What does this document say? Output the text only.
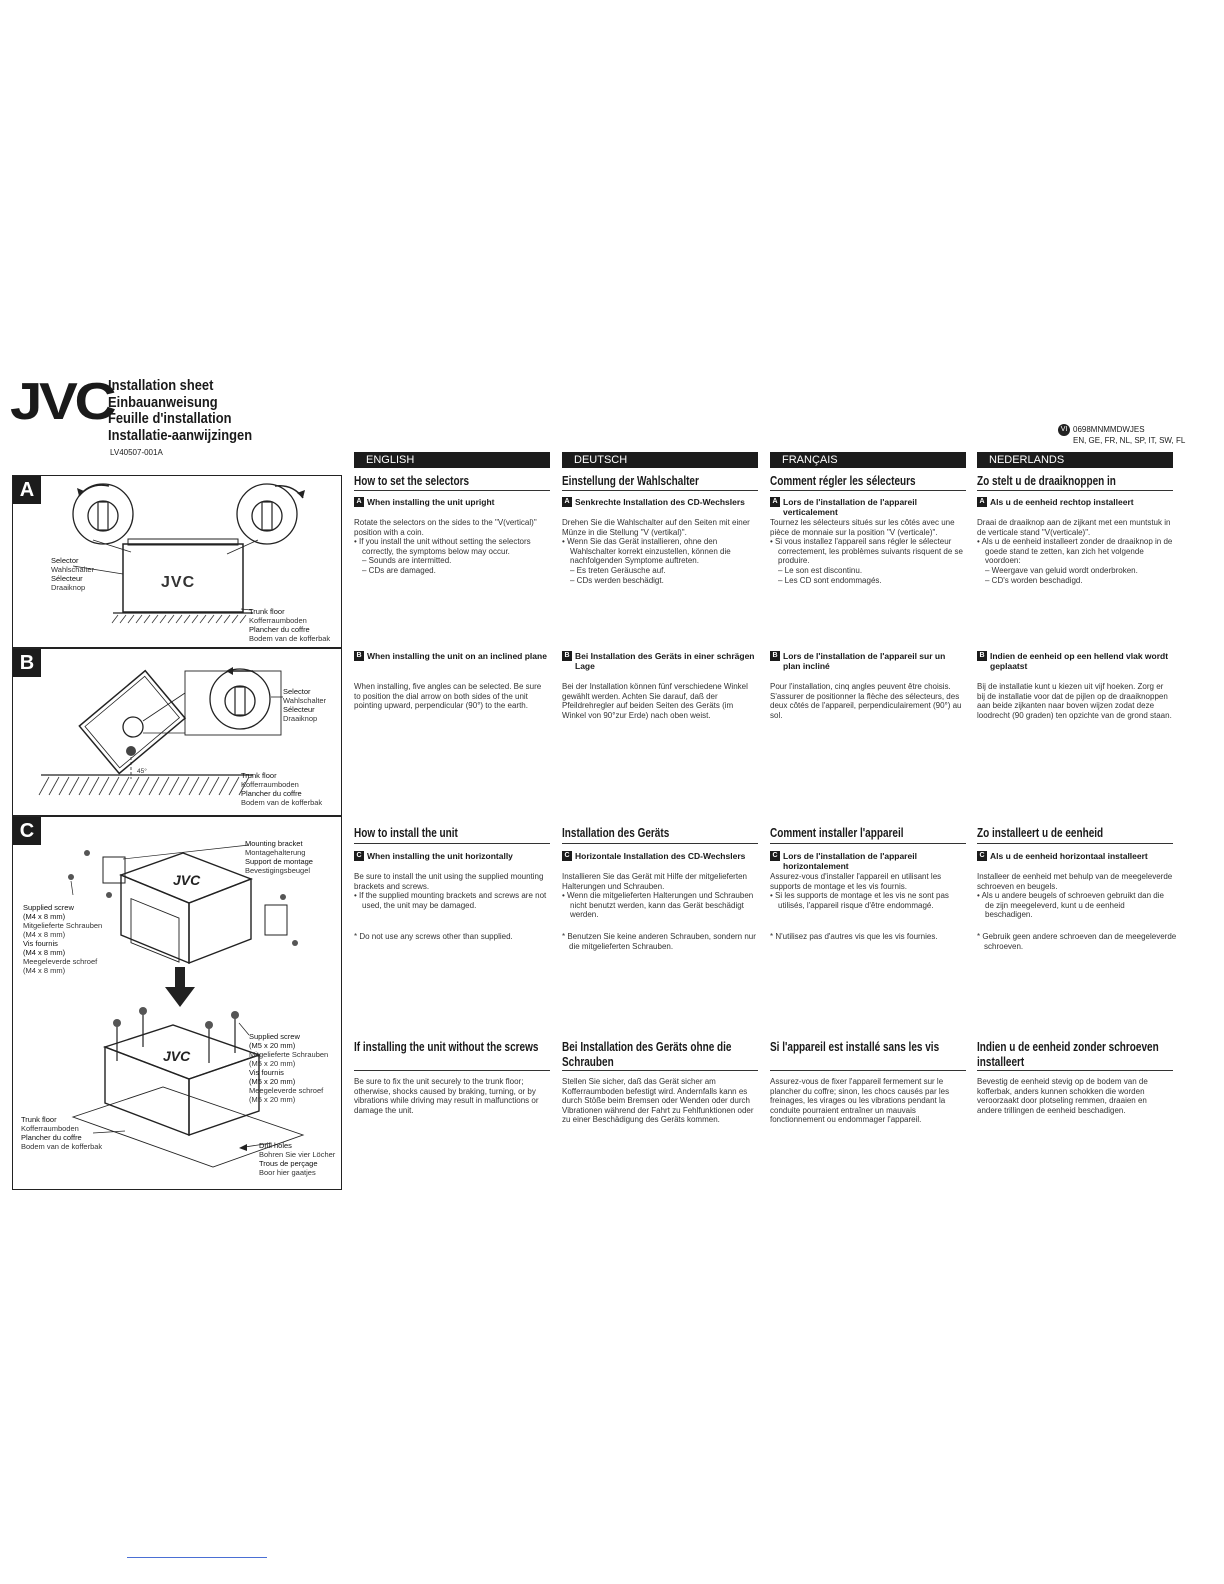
JVC
Installation sheet
Einbauanweisung
Feuille d'installation
Installatie-aanwijzingen
LV40507-001A
VI 0698MNMMDWJES
EN, GE, FR, NL, SP, IT, SW, FL
A
JVC
Selector
Wahlschalter
Sélecteur
Draaiknop
Trunk floor
Kofferraumboden
Plancher du coffre
Bodem van de kofferbak
B
45°
Selector
Wahlschalter
Sélecteur
Draaiknop
Trunk floor
Kofferraumboden
Plancher du coffre
Bodem van de kofferbak
C
JVC
JVC
Mounting bracket
Montagehalterung
Support de montage
Bevestigingsbeugel
Supplied screw
(M4 x 8 mm)
Mitgelieferte Schrauben
(M4 x 8 mm)
Vis fournis
(M4 x 8 mm)
Meegeleverde schroef
(M4 x 8 mm)
Supplied screw
(M5 x 20 mm)
Mitgelieferte Schrauben
(M5 x 20 mm)
Vis fournis
(M5 x 20 mm)
Meegeleverde schroef
(M5 x 20 mm)
Trunk floor
Kofferraumboden
Plancher du coffre
Bodem van de kofferbak	Drill holes
Bohren Sie vier Löcher
Trous de perçage
Boor hier gaatjes
ENGLISH
How to set the selectors
A When installing the unit upright

Rotate the selectors on the sides to the "V(vertical)" position with a coin.

• If you install the unit without setting the selectors correctly, the symptoms below may occur.

– Sounds are intermitted.

– CDs are damaged.

B When installing the unit on an inclined plane
When installing, five angles can be selected. Be sure to position the dial arrow on both sides of the unit pointing upward, perpendicular (90°) to the earth.
How to install the unit
C When installing the unit horizontally

Be sure to install the unit using the supplied mounting brackets and screws.

• If the supplied mounting brackets and screws are not used, the unit may be damaged.

* Do not use any screws other than supplied.
If installing the unit without the screws
Be sure to fix the unit securely to the trunk floor; otherwise, shocks caused by braking, turning, or by vibrations while driving may result in malfunctions or damage the unit.
DEUTSCH
Einstellung der Wahlschalter
A Senkrechte Installation des CD-Wechslers

Drehen Sie die Wahlschalter auf den Seiten mit einer Münze in die Stellung "V (vertikal)".

• Wenn Sie das Gerät installieren, ohne den Wahlschalter korrekt einzustellen, können die nachfolgenden Symptome auftreten.

– Es treten Geräusche auf.

– CDs werden beschädigt.

B Bei Installation des Geräts in einer schrägen Lage
Bei der Installation können fünf verschiedene Winkel gewählt werden. Achten Sie darauf, daß der Pfeildrehregler auf beiden Seiten des Geräts (im Winkel von 90°zur Erde) nach oben weist.
Installation des Geräts
C Horizontale Installation des CD-Wechslers

Installieren Sie das Gerät mit Hilfe der mitgelieferten Halterungen und Schrauben.

• Wenn die mitgelieferten Halterungen und Schrauben nicht benutzt werden, kann das Gerät beschädigt werden.

* Benutzen Sie keine anderen Schrauben, sondern nur die mitgelieferten Schrauben.
Bei Installation des Geräts ohne die Schrauben
Stellen Sie sicher, daß das Gerät sicher am Kofferraumboden befestigt wird. Andernfalls kann es durch Stöße beim Bremsen oder Wenden oder durch Vibrationen während der Fahrt zu Fehlfunktionen oder zu einer Beschädigung des Geräts kommen.
FRANÇAIS
Comment régler les sélecteurs
A Lors de l'installation de l'appareil verticalement

Tournez les sélecteurs situés sur les côtés avec une pièce de monnaie sur la position "V (verticale)".

• Si vous installez l'appareil sans régler le sélecteur correctement, les problèmes suivants risquent de se produire.

– Le son est discontinu.

– Les CD sont endommagés.

B Lors de l'installation de l'appareil sur un plan incliné
Pour l'installation, cinq angles peuvent être choisis. S'assurer de positionner la flèche des sélecteurs, des deux côtés de l'appareil, perpendiculairement (90°) au sol.
Comment installer l'appareil
C Lors de l'installation de l'appareil horizontalement

Assurez-vous d'installer l'appareil en utilisant les supports de montage et les vis fournis.

• Si les supports de montage et les vis ne sont pas utilisés, l'appareil risque d'être endommagé.

* N'utilisez pas d'autres vis que les vis fournies.
Si l'appareil est installé sans les vis
Assurez-vous de fixer l'appareil fermement sur le plancher du coffre; sinon, les chocs causés par les freinages, les virages ou les vibrations pendant la conduite pourraient entraîner un mauvais fonctionnement ou endommager l'appareil.
NEDERLANDS
Zo stelt u de draaiknoppen in
A Als u de eenheid rechtop installeert

Draai de draaiknop aan de zijkant met een muntstuk in de verticale stand "V(verticale)".

• Als u de eenheid installeert zonder de draaiknop in de goede stand te zetten, kan zich het volgende voordoen:

– Weergave van geluid wordt onderbroken.

– CD's worden beschadigd.

B Indien de eenheid op een hellend vlak wordt geplaatst
Bij de installatie kunt u kiezen uit vijf hoeken. Zorg er bij de installatie voor dat de pijlen op de draaiknoppen aan beide zijkanten naar boven wijzen zodat deze loodrecht (90 graden) ten opzichte van de grond staan.
Zo installeert u de eenheid
C Als u de eenheid horizontaal installeert

Installeer de eenheid met behulp van de meegeleverde schroeven en beugels.

• Als u andere beugels of schroeven gebruikt dan die de zijn meegeleverd, kunt u de eenheid beschadigen.

* Gebruik geen andere schroeven dan de meegeleverde schroeven.
Indien u de eenheid zonder schroeven installeert
Bevestig de eenheid stevig op de bodem van de kofferbak, anders kunnen schokken die worden veroorzaakt door plotseling remmen, draaien en andere trillingen de eenheid beschadigen.
